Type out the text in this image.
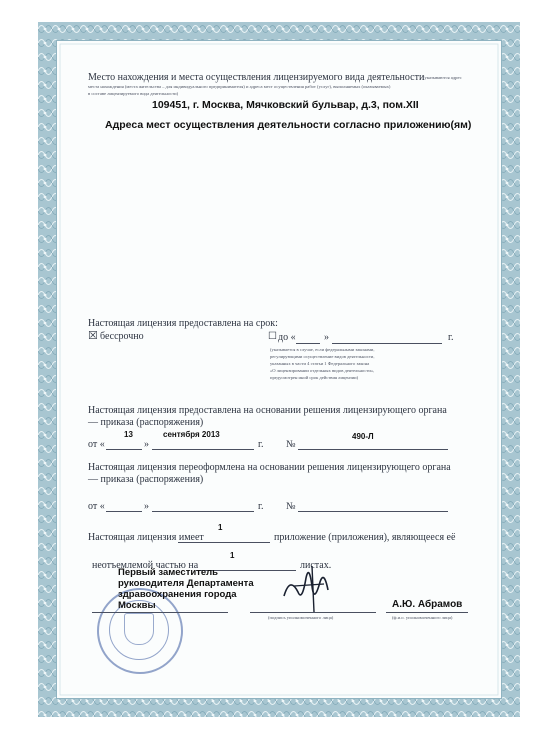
Место нахождения и места осуществления лицензируемого вида деятельности
(указываются адрес
места нахождения (места жительства – для индивидуального предпринимателя) и адреса мест осуществления работ (услуг), выполняемых (оказываемых)
в составе лицензируемого вида деятельности)
109451, г. Москва, Мячковский бульвар, д.3, пом.XII
Адреса мест осуществления деятельности согласно приложению(ям)
Настоящая лицензия предоставлена на срок:
☒ бессрочно	☐ до «	»	г.
(указывается в случае, если федеральными законами,
регулирующими осуществление видов деятельности,
указанных в части 4 статьи 1 Федерального закона
«О лицензировании отдельных видов деятельности»,
предусмотрен иной срок действия лицензии)
Настоящая лицензия предоставлена на основании решения лицензирующего органа
— приказа (распоряжения)
от «
13
»
сентября 2013
г. №
490-Л
Настоящая лицензия переоформлена на основании решения лицензирующего органа
— приказа (распоряжения)
от «	»	г. №
Настоящая лицензия имеет
1
приложение (приложения), являющееся её
неотъемлемой частью на
1
листах.
Первый заместитель
руководителя Департамента
здравоохранения города
Москвы
(подпись уполномоченного лица)
А.Ю. Абрамов
(ф.и.о. уполномоченного лица)
